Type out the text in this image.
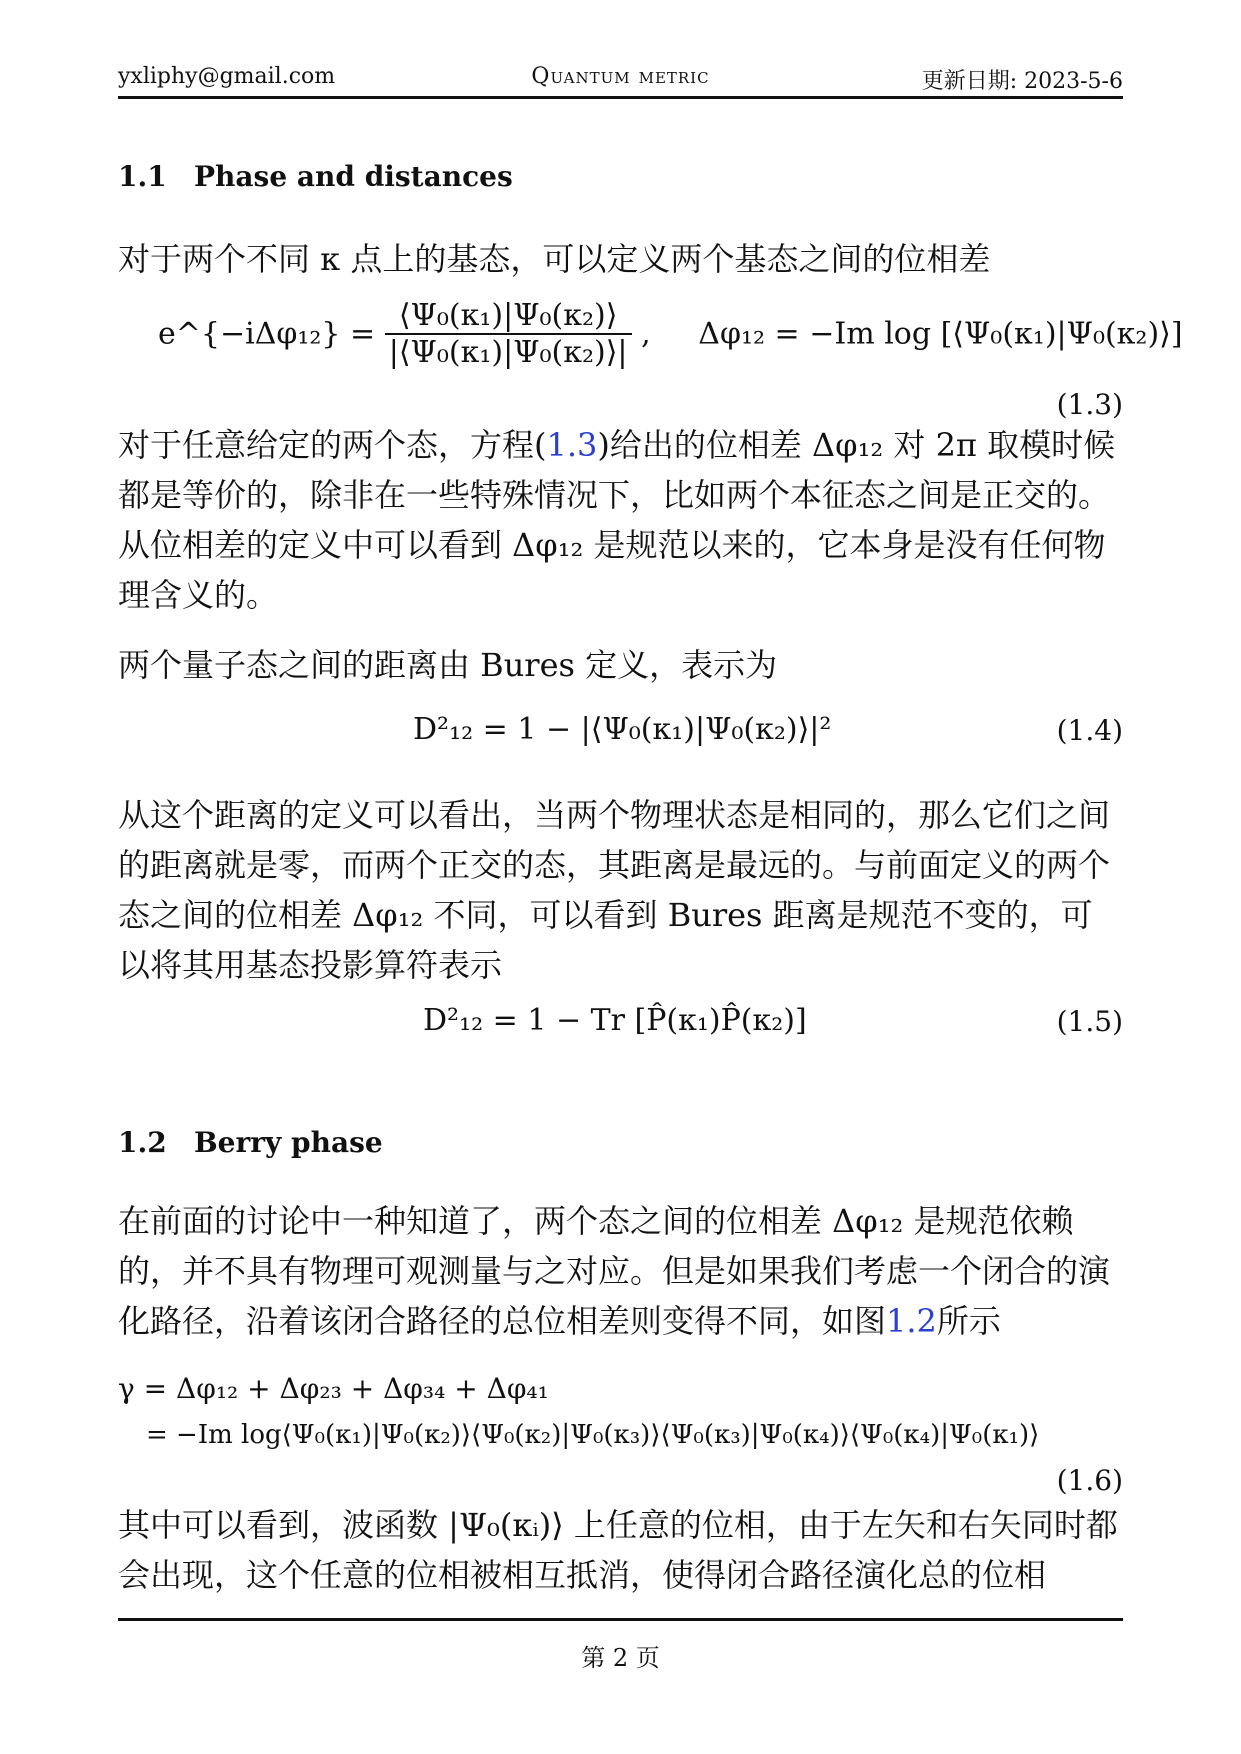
yxliphy@gmail.com	Quantum metric	更新日期: 2023-5-6
1.1 Phase and distances
对于两个不同 κ 点上的基态，可以定义两个基态之间的位相差
e^{−iΔφ₁₂} = $\frac{\text{⟨Ψ₀(κ₁)|Ψ₀(κ₂)⟩}}{\text{|⟨Ψ₀(κ₁)|Ψ₀(κ₂)⟩|}}$ ,     Δφ₁₂ = −Im log [⟨Ψ₀(κ₁)|Ψ₀(κ₂)⟩]
(1.3)
对于任意给定的两个态，方程(1.3)给出的位相差 Δφ₁₂ 对 2π 取模时候都是等价的，除非在一些特殊情况下，比如两个本征态之间是正交的。从位相差的定义中可以看到 Δφ₁₂ 是规范以来的，它本身是没有任何物理含义的。
两个量子态之间的距离由 Bures 定义，表示为
D²₁₂ = 1 − |⟨Ψ₀(κ₁)|Ψ₀(κ₂)⟩|²	(1.4)
从这个距离的定义可以看出，当两个物理状态是相同的，那么它们之间的距离就是零，而两个正交的态，其距离是最远的。与前面定义的两个态之间的位相差 Δφ₁₂ 不同，可以看到 Bures 距离是规范不变的，可以将其用基态投影算符表示
D²₁₂ = 1 − Tr [P̂(κ₁)P̂(κ₂)]	(1.5)
1.2 Berry phase
在前面的讨论中一种知道了，两个态之间的位相差 Δφ₁₂ 是规范依赖的，并不具有物理可观测量与之对应。但是如果我们考虑一个闭合的演化路径，沿着该闭合路径的总位相差则变得不同，如图1.2所示
γ = Δφ₁₂ + Δφ₂₃ + Δφ₃₄ + Δφ₄₁
= −Im log⟨Ψ₀(κ₁)|Ψ₀(κ₂)⟩⟨Ψ₀(κ₂)|Ψ₀(κ₃)⟩⟨Ψ₀(κ₃)|Ψ₀(κ₄)⟩⟨Ψ₀(κ₄)|Ψ₀(κ₁)⟩
(1.6)
其中可以看到，波函数 |Ψ₀(κᵢ)⟩ 上任意的位相，由于左矢和右矢同时都会出现，这个任意的位相被相互抵消，使得闭合路径演化总的位相
第 2 页
